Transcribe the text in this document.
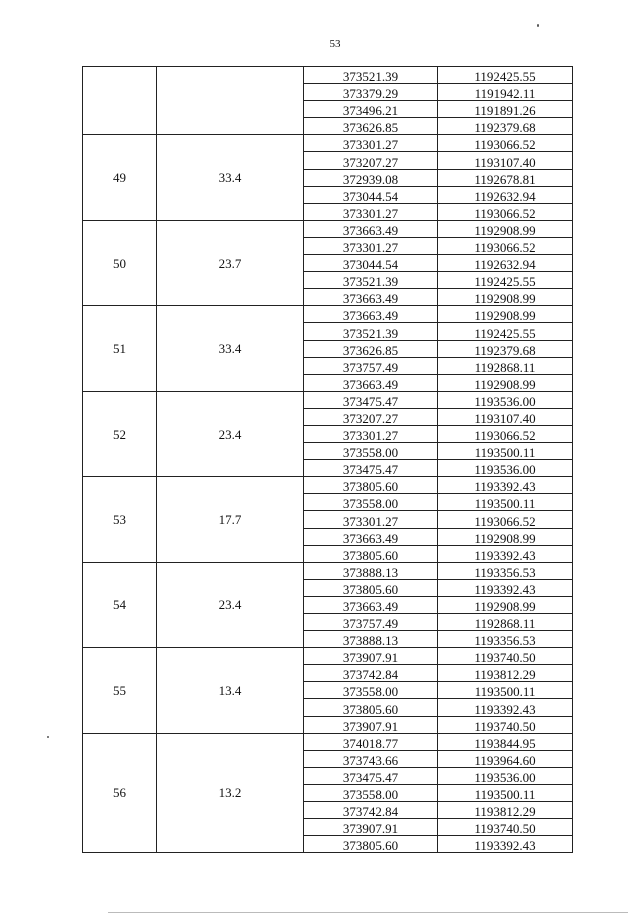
53
		373521.39	1192425.55
		373379.29	1191942.11
		373496.21	1191891.26
		373626.85	1192379.68
49	33.4	373301.27	1193066.52
		373207.27	1193107.40
		372939.08	1192678.81
		373044.54	1192632.94
		373301.27	1193066.52
50	23.7	373663.49	1192908.99
		373301.27	1193066.52
		373044.54	1192632.94
		373521.39	1192425.55
		373663.49	1192908.99
51	33.4	373663.49	1192908.99
		373521.39	1192425.55
		373626.85	1192379.68
		373757.49	1192868.11
		373663.49	1192908.99
52	23.4	373475.47	1193536.00
		373207.27	1193107.40
		373301.27	1193066.52
		373558.00	1193500.11
		373475.47	1193536.00
53	17.7	373805.60	1193392.43
		373558.00	1193500.11
		373301.27	1193066.52
		373663.49	1192908.99
		373805.60	1193392.43
54	23.4	373888.13	1193356.53
		373805.60	1193392.43
		373663.49	1192908.99
		373757.49	1192868.11
		373888.13	1193356.53
55	13.4	373907.91	1193740.50
		373742.84	1193812.29
		373558.00	1193500.11
		373805.60	1193392.43
		373907.91	1193740.50
56	13.2	374018.77	1193844.95
		373743.66	1193964.60
		373475.47	1193536.00
		373558.00	1193500.11
		373742.84	1193812.29
		373907.91	1193740.50
		373805.60	1193392.43
